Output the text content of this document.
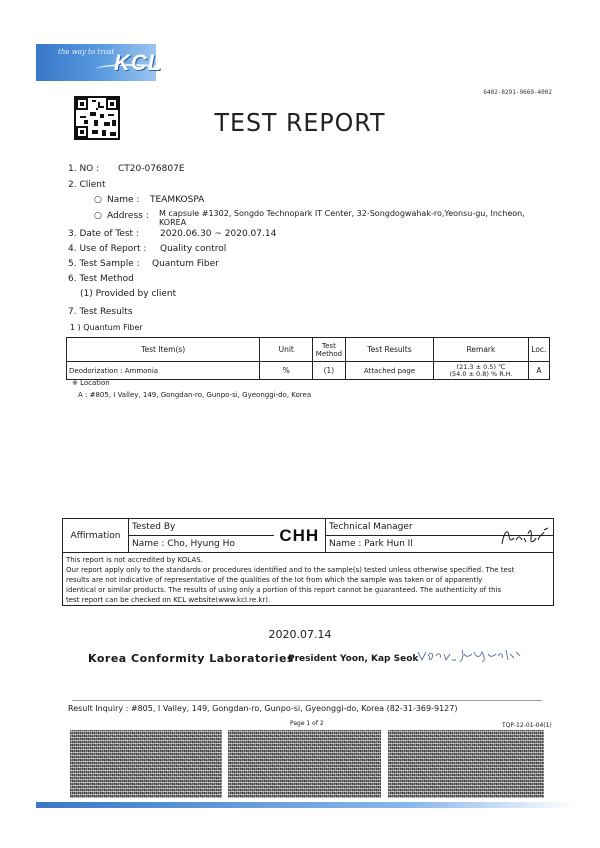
the way to trust KCL
6402-8291-9669-4002
TEST REPORT
1. NO : CT20-076807E
2. Client
○ Name : TEAMKOSPA
○ Address : M capsule #1302, Songdo Technopark IT Center, 32-Songdogwahak-ro,Yeonsu-gu, Incheon,
KOREA
3. Date of Test : 2020.06.30 ~ 2020.07.14
4. Use of Report : Quality control
5. Test Sample : Quantum Fiber
6. Test Method
(1) Provided by client
7. Test Results
1 ) Quantum Fiber
Test Item(s)	Unit	Test
Method	Test Results	Remark	Loc.
Deodorization : Ammonia	%	(1)	Attached page	(21.3 ± 0.5) ℃
(54.0 ± 0.8) % R.H.	A
※ Location
A : #805, I Valley, 149, Gongdan-ro, Gunpo-si, Gyeonggi-do, Korea
Affirmation	Tested By	CHH	Technical Manager
	Name : Cho, Hyung Ho		Name : Park Hun Il
This report is not accredited by KOLAS.
Our report apply only to the standards or procedures identified and to the sample(s) tested unless otherwise specified. The test
results are not indicative of representative of the qualities of the lot from which the sample was taken or of apparently
identical or similar products. The results of using only a portion of this report cannot be guaranteed. The authenticity of this
test report can be checked on KCL website(www.kcl.re.kr).
2020.07.14
Korea Conformity Laboratories
President Yoon, Kap Seok
Result Inquiry : #805, I Valley, 149, Gongdan-ro, Gunpo-si, Gyeonggi-do, Korea (82-31-369-9127)
Page 1 of 2	TQP-12-01-04(1)
